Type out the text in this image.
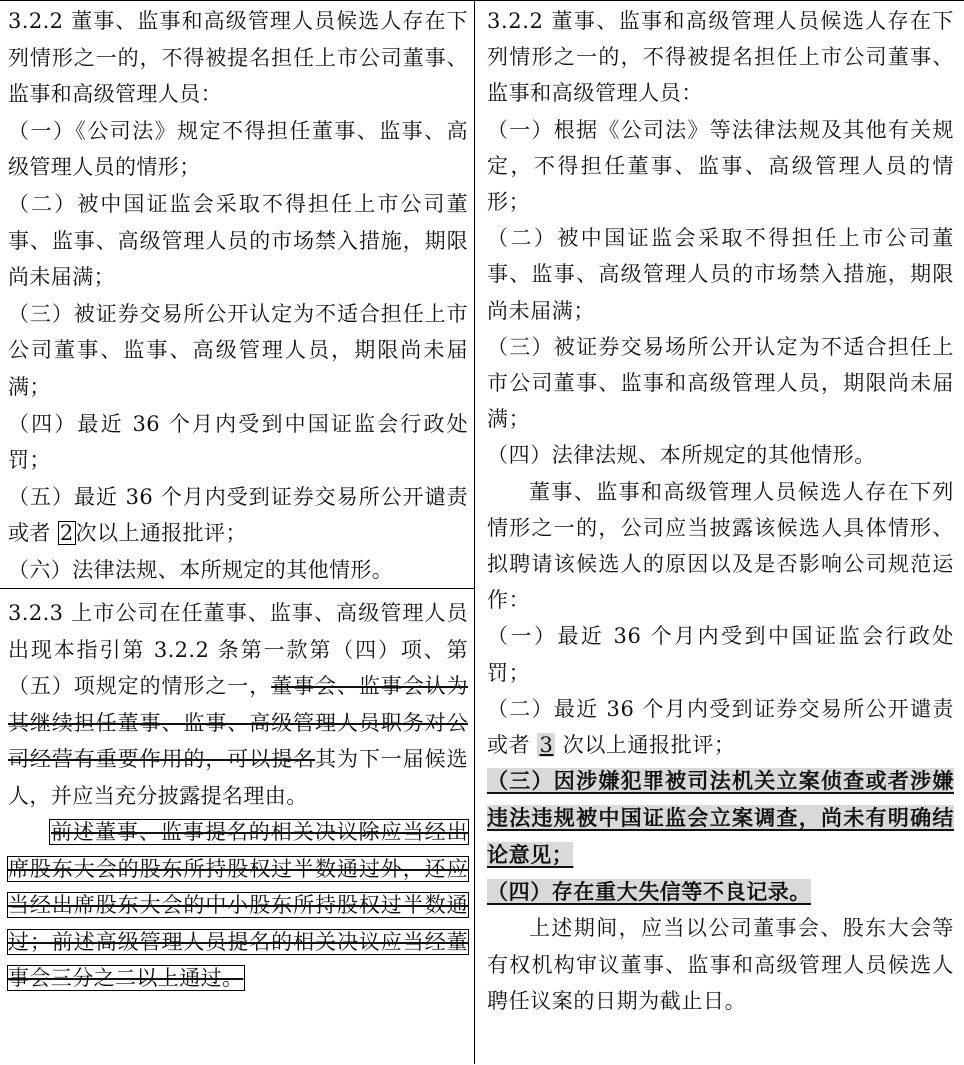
3.2.2 董事、监事和高级管理人员候选人存在下列情形之一的，不得被提名担任上市公司董事、监事和高级管理人员：

（一）《公司法》规定不得担任董事、监事、高级管理人员的情形；

（二）被中国证监会采取不得担任上市公司董事、监事、高级管理人员的市场禁入措施，期限尚未届满；

（三）被证券交易所公开认定为不适合担任上市公司董事、监事、高级管理人员，期限尚未届满；

（四）最近 36 个月内受到中国证监会行政处罚；

（五）最近 36 个月内受到证券交易所公开谴责或者 2次以上通报批评；

（六）法律法规、本所规定的其他情形。

3.2.3 上市公司在任董事、监事、高级管理人员出现本指引第 3.2.2 条第一款第（四）项、第（五）项规定的情形之一，董事会、监事会认为其继续担任董事、监事、高级管理人员职务对公司经营有重要作用的，可以提名其为下一届候选人，并应当充分披露提名理由。

前述董事、监事提名的相关决议除应当经出席股东大会的股东所持股权过半数通过外，还应当经出席股东大会的中小股东所持股权过半数通过；前述高级管理人员提名的相关决议应当经董事会三分之二以上通过。

3.2.2 董事、监事和高级管理人员候选人存在下列情形之一的，不得被提名担任上市公司董事、监事和高级管理人员：

（一）根据《公司法》等法律法规及其他有关规定，不得担任董事、监事、高级管理人员的情形；

（二）被中国证监会采取不得担任上市公司董事、监事、高级管理人员的市场禁入措施，期限尚未届满；

（三）被证券交易场所公开认定为不适合担任上市公司董事、监事和高级管理人员，期限尚未届满；

（四）法律法规、本所规定的其他情形。

董事、监事和高级管理人员候选人存在下列情形之一的，公司应当披露该候选人具体情形、拟聘请该候选人的原因以及是否影响公司规范运作：

（一）最近 36 个月内受到中国证监会行政处罚；

（二）最近 36 个月内受到证券交易所公开谴责或者 3 次以上通报批评；

（三）因涉嫌犯罪被司法机关立案侦查或者涉嫌违法违规被中国证监会立案调查，尚未有明确结论意见；

（四）存在重大失信等不良记录。

上述期间，应当以公司董事会、股东大会等有权机构审议董事、监事和高级管理人员候选人聘任议案的日期为截止日。
